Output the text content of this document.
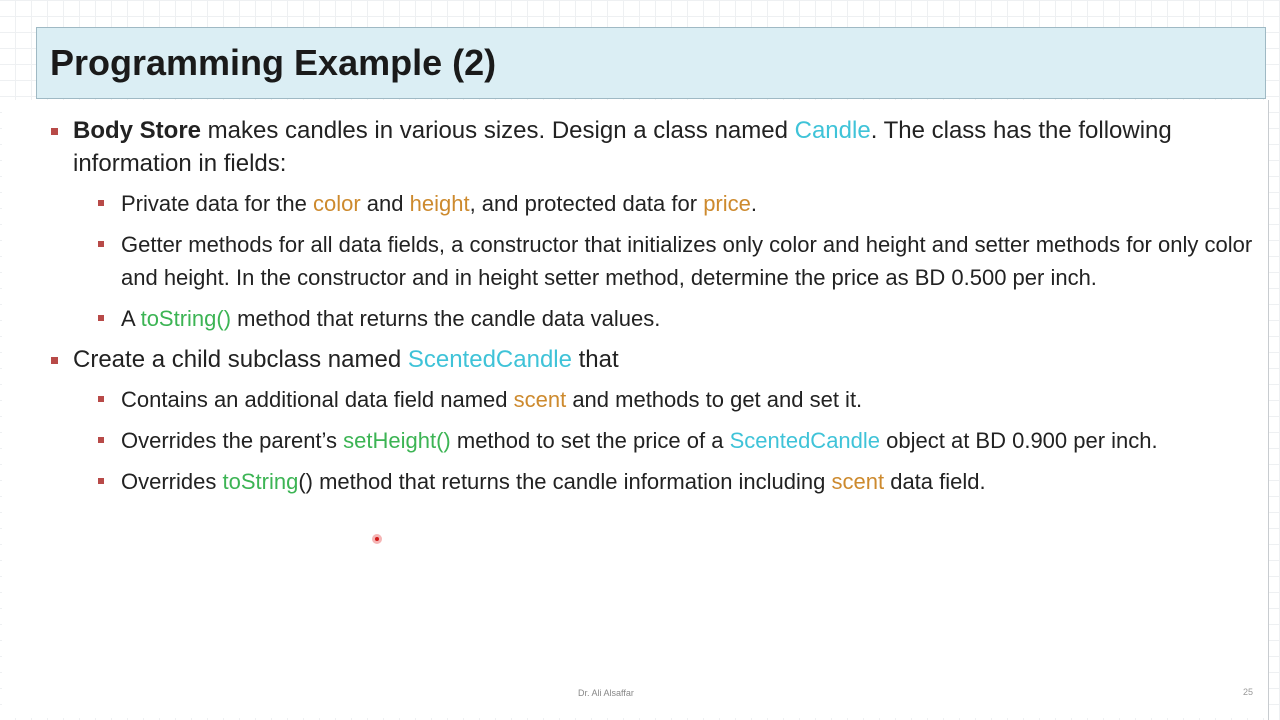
Programming Example (2)
Body Store makes candles in various sizes. Design a class named Candle. The class has the following information in fields:
Private data for the color and height, and protected data for price.
Getter methods for all data fields, a constructor that initializes only color and height and setter methods for only color and height. In the constructor and in height setter method, determine the price as BD 0.500 per inch.
A toString() method that returns the candle data values.
Create a child subclass named ScentedCandle that
Contains an additional data field named scent and methods to get and set it.
Overrides the parent’s setHeight() method to set the price of a ScentedCandle object at BD 0.900 per inch.
Overrides toString() method that returns the candle information including scent data field.
Dr. Ali Alsaffar	25
